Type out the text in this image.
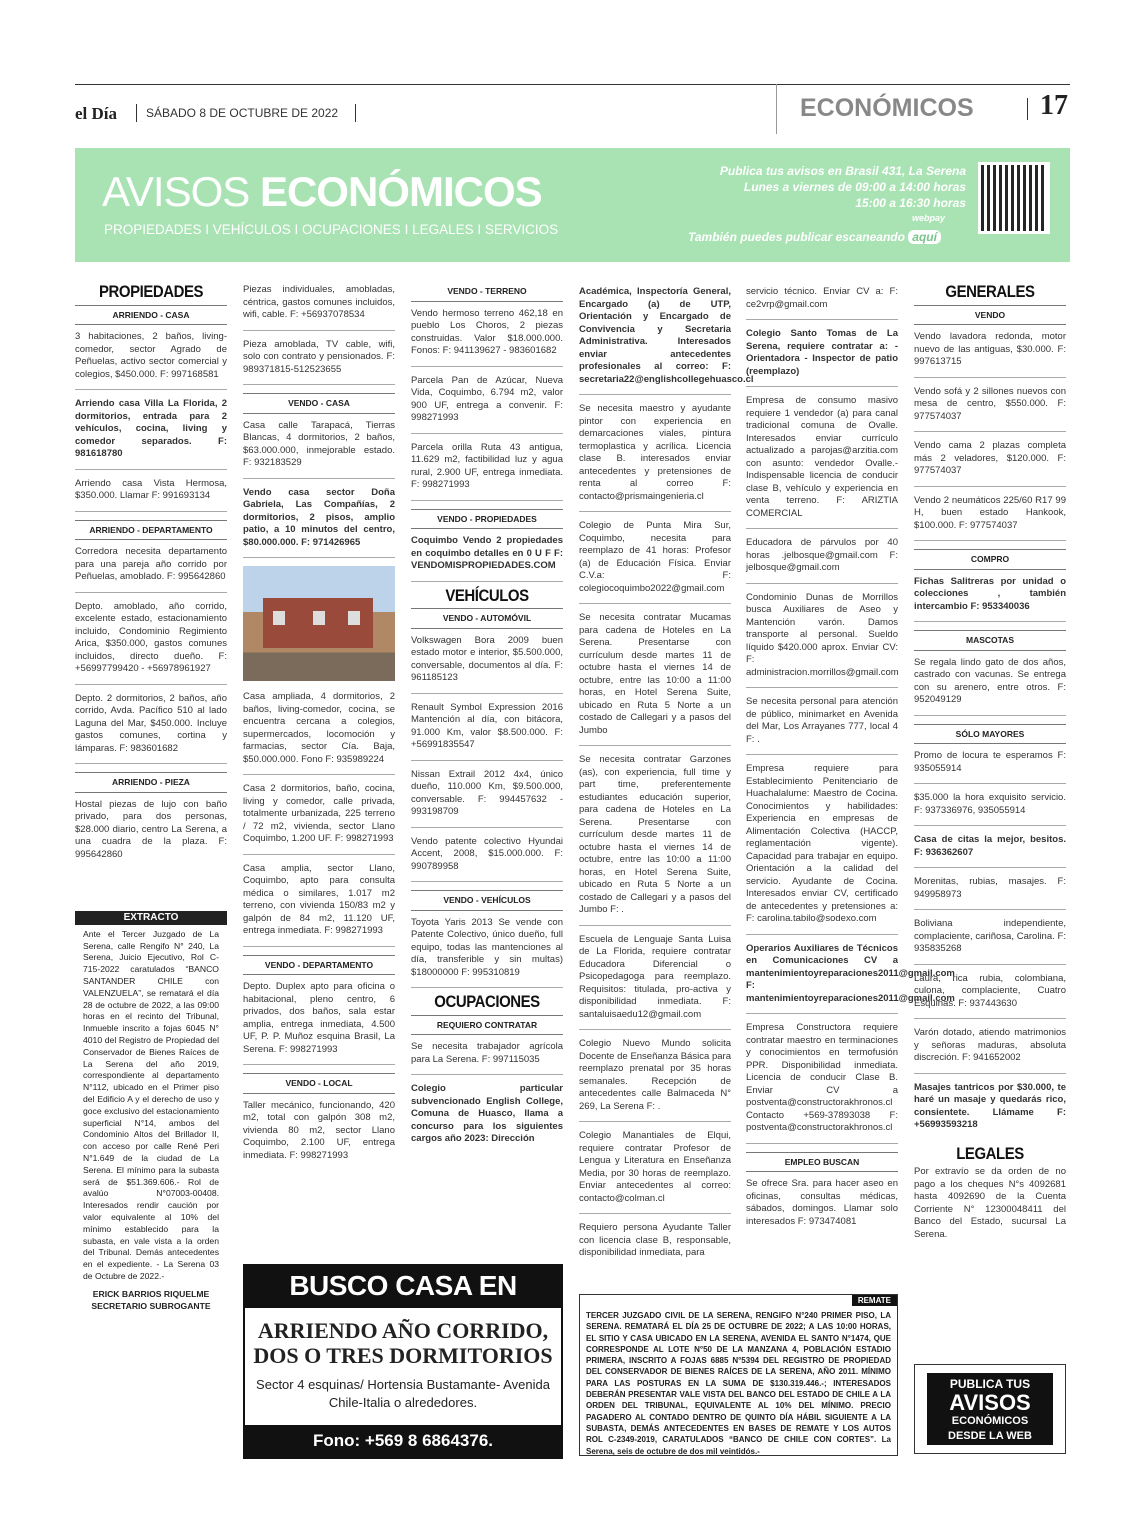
el Día SÁBADO 8 DE OCTUBRE DE 2022	ECONÓMICOS 17
AVISOS ECONÓMICOS
PROPIEDADES I VEHÍCULOS I OCUPACIONES I LEGALES I SERVICIOS
Publica tus avisos en Brasil 431, La Serena
Lunes a viernes de 09:00 a 14:00 horas
15:00 a 16:30 horas
webpay
También puedes publicar escaneando aquí
PROPIEDADES
ARRIENDO - CASA
3 habitaciones, 2 baños, living-comedor, sector Agrado de Peñuelas, activo sector comercial y colegios, $450.000. F: 997168581
Arriendo casa Villa La Florida, 2 dormitorios, entrada para 2 vehículos, cocina, living y comedor separados. F: 981618780
Arriendo casa Vista Hermosa, $350.000. Llamar F: 991693134
ARRIENDO - DEPARTAMENTO
Corredora necesita departamento para una pareja año corrido por Peñuelas, amoblado. F: 995642860
Depto. amoblado, año corrido, excelente estado, estacionamiento incluido, Condominio Regimiento Arica, $350.000, gastos comunes incluidos, directo dueño. F: +56997799420 - +56978961927
Depto. 2 dormitorios, 2 baños, año corrido, Avda. Pacífico 510 al lado Laguna del Mar, $450.000. Incluye gastos comunes, cortina y lámparas. F: 983601682
ARRIENDO - PIEZA
Hostal piezas de lujo con baño privado, para dos personas, $28.000 diario, centro La Serena, a una cuadra de la plaza. F: 995642860
EXTRACTO
Ante el Tercer Juzgado de La Serena, calle Rengifo N° 240, La Serena, Juicio Ejecutivo, Rol C-715-2022 caratulados “BANCO SANTANDER CHILE con VALENZUELA”, se rematará el día 28 de octubre de 2022, a las 09:00 horas en el recinto del Tribunal, Inmueble inscrito a fojas 6045 N° 4010 del Registro de Propiedad del Conservador de Bienes Raíces de La Serena del año 2019, correspondiente al departamento N°112, ubicado en el Primer piso del Edificio A y el derecho de uso y goce exclusivo del estacionamiento superficial N°14, ambos del Condominio Altos del Brillador II, con acceso por calle René Peri N°1.649 de la ciudad de La Serena. El mínimo para la subasta será de $51.369.606.- Rol de avalúo N°07003-00408. Interesados rendir caución por valor equivalente al 10% del mínimo establecido para la subasta, en vale vista a la orden del Tribunal. Demás antecedentes en el expediente. - La Serena 03 de Octubre de 2022.-
ERICK BARRIOS RIQUELME
SECRETARIO SUBROGANTE
Piezas individuales, amobladas, céntrica, gastos comunes incluidos, wifi, cable. F: +56937078534
Pieza amoblada, TV cable, wifi, solo con contrato y pensionados. F: 989371815-512523655
VENDO - CASA
Casa calle Tarapacá, Tierras Blancas, 4 dormitorios, 2 baños, $63.000.000, inmejorable estado. F: 932183529
Vendo casa sector Doña Gabriela, Las Compañías, 2 dormitorios, 2 pisos, amplio patio, a 10 minutos del centro, $80.000.000. F: 971426965
Casa ampliada, 4 dormitorios, 2 baños, living-comedor, cocina, se encuentra cercana a colegios, supermercados, locomoción y farmacias, sector Cía. Baja, $50.000.000. Fono F: 935989224
Casa 2 dormitorios, baño, cocina, living y comedor, calle privada, totalmente urbanizada, 225 terreno / 72 m2, vivienda, sector Llano Coquimbo, 1.200 UF. F: 998271993
Casa amplia, sector Llano, Coquimbo, apto para consulta médica o similares, 1.017 m2 terreno, con vivienda 150/83 m2 y galpón de 84 m2, 11.120 UF, entrega inmediata. F: 998271993
VENDO - DEPARTAMENTO
Depto. Duplex apto para oficina o habitacional, pleno centro, 6 privados, dos baños, sala estar amplia, entrega inmediata, 4.500 UF, P. P. Muñoz esquina Brasil, La Serena. F: 998271993
VENDO - LOCAL
Taller mecánico, funcionando, 420 m2, total con galpón 308 m2, vivienda 80 m2, sector Llano Coquimbo, 2.100 UF, entrega inmediata. F: 998271993
VENDO - TERRENO
Vendo hermoso terreno 462,18 en pueblo Los Choros, 2 piezas construidas. Valor $18.000.000. Fonos: F: 941139627 - 983601682
Parcela Pan de Azúcar, Nueva Vida, Coquimbo, 6.794 m2, valor 900 UF, entrega a convenir. F: 998271993
Parcela orilla Ruta 43 antigua, 11.629 m2, factibilidad luz y agua rural, 2.900 UF, entrega inmediata. F: 998271993
VENDO - PROPIEDADES
Coquimbo Vendo 2 propiedades en coquimbo detalles en 0 U F F: VENDOMISPROPIEDADES.COM
VEHÍCULOS
VENDO - AUTOMÓVIL
Volkswagen Bora 2009 buen estado motor e interior, $5.500.000, conversable, documentos al día. F: 961185123
Renault Symbol Expression 2016 Mantención al día, con bitácora, 91.000 Km, valor $8.500.000. F: +56991835547
Nissan Extrail 2012 4x4, único dueño, 110.000 Km, $9.500.000, conversable. F: 994457632 - 993198709
Vendo patente colectivo Hyundai Accent, 2008, $15.000.000. F: 990789958
VENDO - VEHÍCULOS
Toyota Yaris 2013 Se vende con Patente Colectivo, único dueño, full equipo, todas las mantenciones al día, transferible y sin multas) $18000000 F: 995310819
OCUPACIONES
REQUIERO CONTRATAR
Se necesita trabajador agrícola para La Serena. F: 997115035
Colegio particular subvencionado English College, Comuna de Huasco, llama a concurso para los siguientes cargos año 2023: Dirección
Académica, Inspectoría General, Encargado (a) de UTP, Orientación y Encargado de Convivencia y Secretaria Administrativa. Interesados enviar antecedentes profesionales al correo: F: secretaria22@englishcollegehuasco.cl
Se necesita maestro y ayudante pintor con experiencia en demarcaciones viales, pintura termoplastica y acrílica. Licencia clase B. interesados enviar antecedentes y pretensiones de renta al correo F: contacto@prismaingenieria.cl
Colegio de Punta Mira Sur, Coquimbo, necesita para reemplazo de 41 horas: Profesor (a) de Educación Física. Enviar C.V.a: F: colegiocoquimbo2022@gmail.com
Se necesita contratar Mucamas para cadena de Hoteles en La Serena. Presentarse con currículum desde martes 11 de octubre hasta el viernes 14 de octubre, entre las 10:00 a 11:00 horas, en Hotel Serena Suite, ubicado en Ruta 5 Norte a un costado de Callegari y a pasos del Jumbo
Se necesita contratar Garzones (as), con experiencia, full time y part time, preferentemente estudiantes educación superior, para cadena de Hoteles en La Serena. Presentarse con currículum desde martes 11 de octubre hasta el viernes 14 de octubre, entre las 10:00 a 11:00 horas, en Hotel Serena Suite, ubicado en Ruta 5 Norte a un costado de Callegari y a pasos del Jumbo F: .
Escuela de Lenguaje Santa Luisa de La Florida, requiere contratar Educadora Diferencial o Psicopedagoga para reemplazo. Requisitos: titulada, pro-activa y disponibilidad inmediata. F: santaluisaedu12@gmail.com
Colegio Nuevo Mundo solicita Docente de Enseñanza Básica para reemplazo prenatal por 35 horas semanales. Recepción de antecedentes calle Balmaceda N° 269, La Serena F: .
Colegio Manantiales de Elqui, requiere contratar Profesor de Lengua y Literatura en Enseñanza Media, por 30 horas de reemplazo. Enviar antecedentes al correo: contacto@colman.cl
Requiero persona Ayudante Taller con licencia clase B, responsable, disponibilidad inmediata, para
servicio técnico. Enviar CV a: F: ce2vrp@gmail.com
Colegio Santo Tomas de La Serena, requiere contratar a: - Orientadora - Inspector de patio (reemplazo)
Empresa de consumo masivo requiere 1 vendedor (a) para canal tradicional comuna de Ovalle. Interesados enviar currículo actualizado a parojas@arzitia.com con asunto: vendedor Ovalle.- Indispensable licencia de conducir clase B, vehículo y experiencia en venta terreno. F: ARIZTIA COMERCIAL
Educadora de párvulos por 40 horas .jelbosque@gmail.com F: jelbosque@gmail.com
Condominio Dunas de Morrillos busca Auxiliares de Aseo y Mantención varón. Damos transporte al personal. Sueldo líquido $420.000 aprox. Enviar CV: F: administracion.morrillos@gmail.com
Se necesita personal para atención de público, minimarket en Avenida del Mar, Los Arrayanes 777, local 4 F: .
Empresa requiere para Establecimiento Penitenciario de Huachalalume: Maestro de Cocina. Conocimientos y habilidades: Experiencia en empresas de Alimentación Colectiva (HACCP, reglamentación vigente). Capacidad para trabajar en equipo. Orientación a la calidad del servicio. Ayudante de Cocina. Interesados enviar CV, certificado de antecedentes y pretensiones a: F: carolina.tabilo@sodexo.com
Operarios Auxiliares de Técnicos en Comunicaciones CV a mantenimientoyreparaciones2011@gmail.com F: mantenimientoyreparaciones2011@gmail.com
Empresa Constructora requiere contratar maestro en terminaciones y conocimientos en termofusión PPR. Disponibilidad inmediata. Licencia de conducir Clase B. Enviar CV a postventa@constructorakhronos.cl Contacto +569-37893038 F: postventa@constructorakhronos.cl
EMPLEO BUSCAN
Se ofrece Sra. para hacer aseo en oficinas, consultas médicas, sábados, domingos. Llamar solo interesados F: 973474081
GENERALES
VENDO
Vendo lavadora redonda, motor nuevo de las antiguas, $30.000. F: 997613715
Vendo sofá y 2 sillones nuevos con mesa de centro, $550.000. F: 977574037
Vendo cama 2 plazas completa más 2 veladores, $120.000. F: 977574037
Vendo 2 neumáticos 225/60 R17 99 H, buen estado Hankook, $100.000. F: 977574037
COMPRO
Fichas Salitreras por unidad o colecciones , también intercambio F: 953340036
MASCOTAS
Se regala lindo gato de dos años, castrado con vacunas. Se entrega con su arenero, entre otros. F: 952049129
SÓLO MAYORES
Promo de locura te esperamos F: 935055914
$35.000 la hora exquisito servicio. F: 937336976, 935055914
Casa de citas la mejor, besitos. F: 936362607
Morenitas, rubias, masajes. F: 949958973
Boliviana independiente, complaciente, cariñosa, Carolina. F: 935835268
Laura, rica rubia, colombiana, culona, complaciente, Cuatro Esquinas. F: 937443630
Varón dotado, atiendo matrimonios y señoras maduras, absoluta discreción. F: 941652002
Masajes tantricos por $30.000, te haré un masaje y quedarás rico, consientete. Llámame F: +56993593218
LEGALES
Por extravío se da orden de no pago a los cheques N°s 4092681 hasta 4092690 de la Cuenta Corriente N° 12300048411 del Banco del Estado, sucursal La Serena.
PUBLICA TUS
AVISOS
ECONÓMICOS
DESDE LA WEB
BUSCO CASA EN
ARRIENDO AÑO CORRIDO,
DOS O TRES DORMITORIOS
Sector 4 esquinas/ Hortensia Bustamante- Avenida Chile-Italia o alrededores.
Fono: +569 8 6864376.
REMATE
TERCER JUZGADO CIVIL DE LA SERENA, RENGIFO N°240 PRIMER PISO, LA SERENA. REMATARÁ EL DÍA 25 DE OCTUBRE DE 2022; A LAS 10:00 HORAS, EL SITIO Y CASA UBICADO EN LA SERENA, AVENIDA EL SANTO N°1474, QUE CORRESPONDE AL LOTE N°50 DE LA MANZANA 4, POBLACIÓN ESTADIO PRIMERA, INSCRITO A FOJAS 6885 N°5394 DEL REGISTRO DE PROPIEDAD DEL CONSERVADOR DE BIENES RAÍCES DE LA SERENA, AÑO 2011. MÍNIMO PARA LAS POSTURAS EN LA SUMA DE $130.319.446.-; INTERESADOS DEBERÁN PRESENTAR VALE VISTA DEL BANCO DEL ESTADO DE CHILE A LA ORDEN DEL TRIBUNAL, EQUIVALENTE AL 10% DEL MÍNIMO. PRECIO PAGADERO AL CONTADO DENTRO DE QUINTO DÍA HÁBIL SIGUIENTE A LA SUBASTA, DEMÁS ANTECEDENTES EN BASES DE REMATE Y LOS AUTOS ROL C-2349-2019, CARATULADOS “BANCO DE CHILE CON CORTES”. La Serena, seis de octubre de dos mil veintidós.-
